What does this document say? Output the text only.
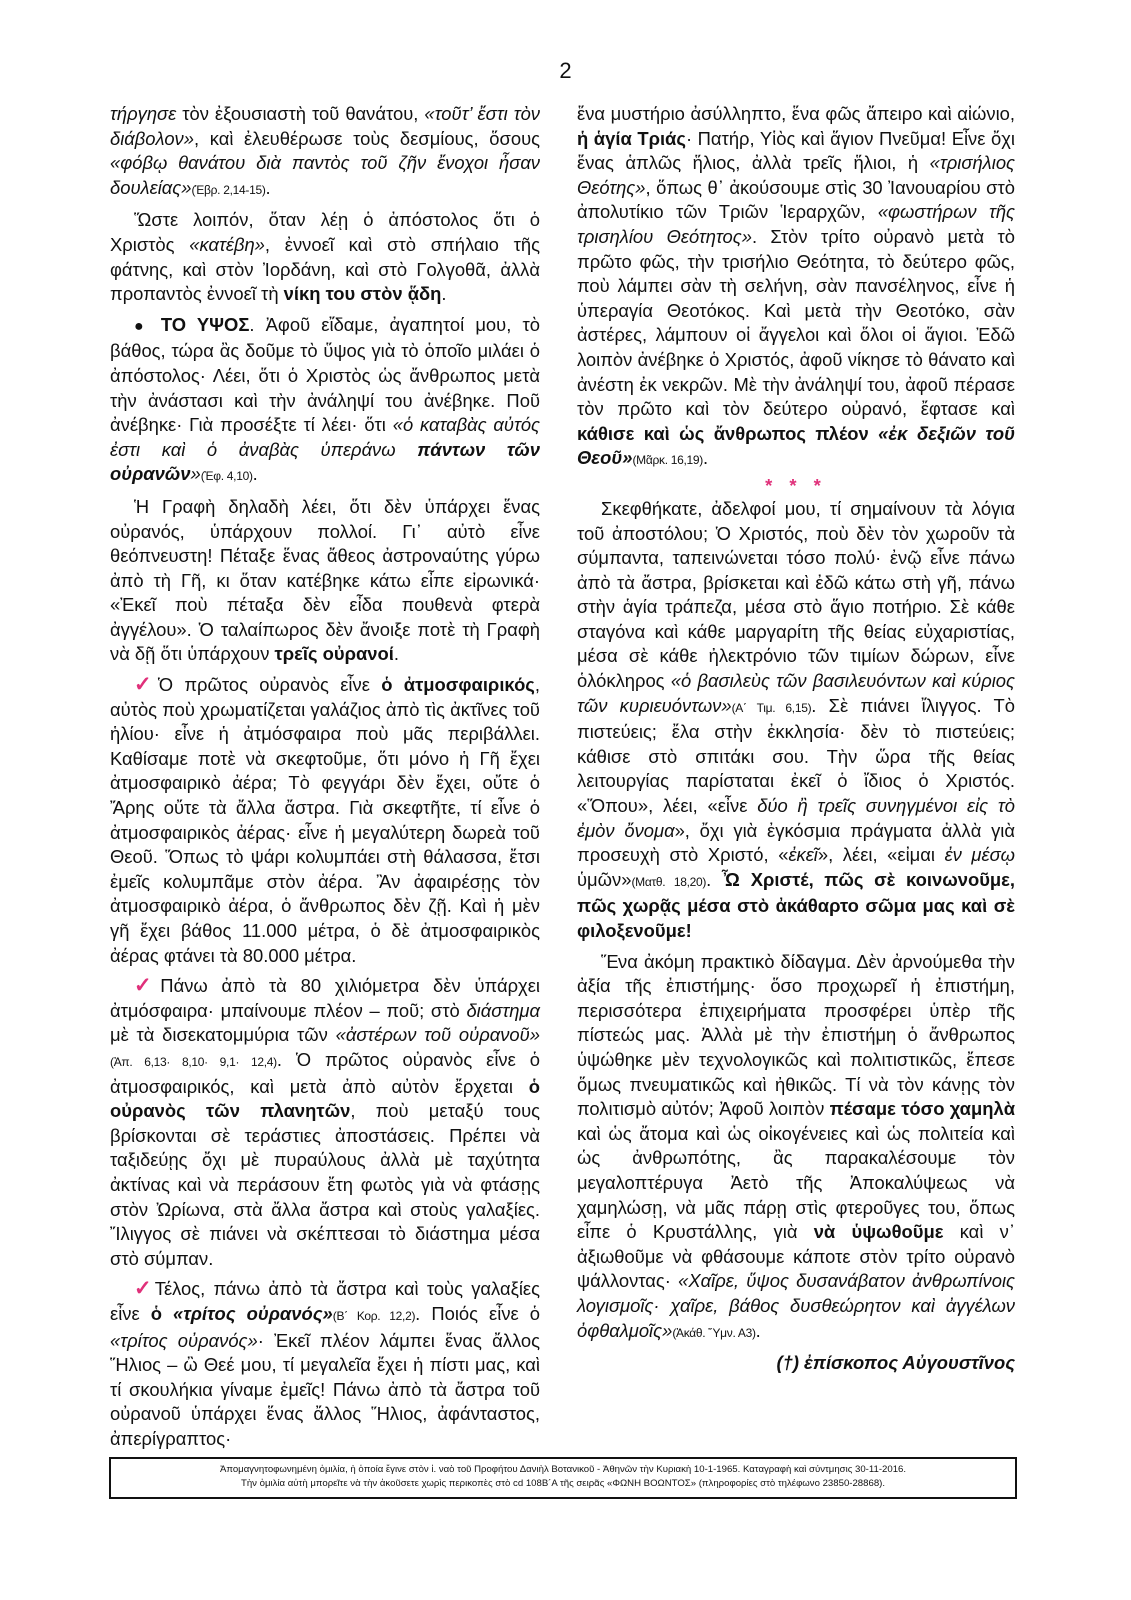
2

τήργησε τὸν ἐξουσιαστὴ τοῦ θανάτου, «τοῦτ’ ἔστι τὸν διάβολον», καὶ ἐλευθέρωσε τοὺς δεσμίους, ὅσους «φόβῳ θανάτου διὰ παντὸς τοῦ ζῆν ἔνοχοι ἦσαν δουλείας»(Ἑβρ. 2,14-15).

Ὥστε λοιπόν, ὅταν λέῃ ὁ ἀπόστολος ὅτι ὁ Χριστὸς «κατέβη», ἐννοεῖ καὶ στὸ σπήλαιο τῆς φάτνης, καὶ στὸν Ἰορδάνη, καὶ στὸ Γολγοθᾶ, ἀλλὰ προπαντὸς ἐννοεῖ τὴ νίκη του στὸν ᾅδη.

● ΤΟ ΥΨΟΣ. Ἀφοῦ εἴδαμε, ἀγαπητοί μου, τὸ βάθος, τώρα ἂς δοῦμε τὸ ὕψος γιὰ τὸ ὁποῖο μιλάει ὁ ἀπόστολος· Λέει, ὅτι ὁ Χριστὸς ὡς ἄνθρωπος μετὰ τὴν ἀνάστασι καὶ τὴν ἀνάληψί του ἀνέβηκε. Ποῦ ἀνέβηκε· Γιὰ προσέξτε τί λέει· ὅτι «ὁ καταβὰς αὐτός ἐστι καὶ ὁ ἀναβὰς ὑπεράνω πάντων τῶν οὐρανῶν»(Ἐφ. 4,10).

Ἡ Γραφὴ δηλαδὴ λέει, ὅτι δὲν ὑπάρχει ἕνας οὐρανός, ὑπάρχουν πολλοί. Γι᾽ αὐτὸ εἶνε θεόπνευστη! Πέταξε ἕνας ἄθεος ἀστροναύτης γύρω ἀπὸ τὴ Γῆ, κι ὅταν κατέβηκε κάτω εἶπε εἰρωνικά· «Ἐκεῖ ποὺ πέταξα δὲν εἶδα πουθενὰ φτερὰ ἀγγέλου». Ὁ ταλαίπωρος δὲν ἄνοιξε ποτὲ τὴ Γραφὴ νὰ δῇ ὅτι ὑπάρχουν τρεῖς οὐρανοί.

✓Ὁ πρῶτος οὐρανὸς εἶνε ὁ ἀτμοσφαιρικός, αὐτὸς ποὺ χρωματίζεται γαλάζιος ἀπὸ τὶς ἀκτῖνες τοῦ ἡλίου· εἶνε ἡ ἀτμόσφαιρα ποὺ μᾶς περιβάλλει. Καθίσαμε ποτὲ νὰ σκεφτοῦμε, ὅτι μόνο ἡ Γῆ ἔχει ἀτμοσφαιρικὸ ἀέρα; Τὸ φεγγάρι δὲν ἔχει, οὔτε ὁ Ἄρης οὔτε τὰ ἄλλα ἄστρα. Γιὰ σκεφτῆτε, τί εἶνε ὁ ἀτμοσφαιρικὸς ἀέρας· εἶνε ἡ μεγαλύτερη δωρεὰ τοῦ Θεοῦ. Ὅπως τὸ ψάρι κολυμπάει στὴ θάλασσα, ἔτσι ἐμεῖς κολυμπᾶμε στὸν ἀέρα. Ἂν ἀφαιρέσῃς τὸν ἀτμοσφαιρικὸ ἀέρα, ὁ ἄνθρωπος δὲν ζῇ. Καὶ ἡ μὲν γῆ ἔχει βάθος 11.000 μέτρα, ὁ δὲ ἀτμοσφαιρικὸς ἀέρας φτάνει τὰ 80.000 μέτρα.

✓Πάνω ἀπὸ τὰ 80 χιλιόμετρα δὲν ὑπάρχει ἀτμόσφαιρα· μπαίνουμε πλέον – ποῦ; στὸ διάστημα μὲ τὰ δισεκατομμύρια τῶν «ἀστέρων τοῦ οὐρανοῦ» (Ἀπ. 6,13· 8,10· 9,1· 12,4). Ὁ πρῶτος οὐρανὸς εἶνε ὁ ἀτμοσφαιρικός, καὶ μετὰ ἀπὸ αὐτὸν ἔρχεται ὁ οὐρανὸς τῶν πλανητῶν, ποὺ μεταξύ τους βρίσκονται σὲ τεράστιες ἀποστάσεις. Πρέπει νὰ ταξιδεύῃς ὄχι μὲ πυραύλους ἀλλὰ μὲ ταχύτητα ἀκτίνας καὶ νὰ περάσουν ἔτη φωτὸς γιὰ νὰ φτάσῃς στὸν Ὠρίωνα, στὰ ἄλλα ἄστρα καὶ στοὺς γαλαξίες. Ἴλιγγος σὲ πιάνει νὰ σκέπτεσαι τὸ διάστημα μέσα στὸ σύμπαν.

✓Τέλος, πάνω ἀπὸ τὰ ἄστρα καὶ τοὺς γαλαξίες εἶνε ὁ «τρίτος οὐρανός»(Β΄ Κορ. 12,2). Ποιός εἶνε ὁ «τρίτος οὐρανός»· Ἐκεῖ πλέον λάμπει ἕνας ἄλλος Ἥλιος – ὢ Θεέ μου, τί μεγαλεῖα ἔχει ἡ πίστι μας, καὶ τί σκουλήκια γίναμε ἐμεῖς! Πάνω ἀπὸ τὰ ἄστρα τοῦ οὐρανοῦ ὑπάρχει ἕνας ἄλλος Ἥλιος, ἀφάνταστος, ἀπερίγραπτος·

ἕνα μυστήριο ἀσύλληπτο, ἕνα φῶς ἄπειρο καὶ αἰώνιο, ἡ ἁγία Τριάς· Πατήρ, Υἱὸς καὶ ἅγιον Πνεῦμα! Εἶνε ὄχι ἕνας ἁπλῶς ἥλιος, ἀλλὰ τρεῖς ἥλιοι, ἡ «τρισήλιος Θεότης», ὅπως θ᾽ ἀκούσουμε στὶς 30 Ἰανουαρίου στὸ ἀπολυτίκιο τῶν Τριῶν Ἱεραρχῶν, «φωστήρων τῆς τρισηλίου Θεότητος». Στὸν τρίτο οὐρανὸ μετὰ τὸ πρῶτο φῶς, τὴν τρισήλιο Θεότητα, τὸ δεύτερο φῶς, ποὺ λάμπει σὰν τὴ σελήνη, σὰν πανσέληνος, εἶνε ἡ ὑπεραγία Θεοτόκος. Καὶ μετὰ τὴν Θεοτόκο, σὰν ἀστέρες, λάμπουν οἱ ἄγγελοι καὶ ὅλοι οἱ ἅγιοι. Ἐδῶ λοιπὸν ἀνέβηκε ὁ Χριστός, ἀφοῦ νίκησε τὸ θάνατο καὶ ἀνέστη ἐκ νεκρῶν. Μὲ τὴν ἀνάληψί του, ἀφοῦ πέρασε τὸν πρῶτο καὶ τὸν δεύτερο οὐρανό, ἔφτασε καὶ κάθισε καὶ ὡς ἄνθρωπος πλέον «ἐκ δεξιῶν τοῦ Θεοῦ»(Μᾶρκ. 16,19).

* * *

Σκεφθήκατε, ἀδελφοί μου, τί σημαίνουν τὰ λόγια τοῦ ἀποστόλου; Ὁ Χριστός, ποὺ δὲν τὸν χωροῦν τὰ σύμπαντα, ταπεινώνεται τόσο πολύ· ἐνῷ εἶνε πάνω ἀπὸ τὰ ἄστρα, βρίσκεται καὶ ἐδῶ κάτω στὴ γῆ, πάνω στὴν ἁγία τράπεζα, μέσα στὸ ἅγιο ποτήριο. Σὲ κάθε σταγόνα καὶ κάθε μαργαρίτη τῆς θείας εὐχαριστίας, μέσα σὲ κάθε ἠλεκτρόνιο τῶν τιμίων δώρων, εἶνε ὁλόκληρος «ὁ βασιλεὺς τῶν βασιλευόντων καὶ κύριος τῶν κυριευόντων»(Α΄ Τιμ. 6,15). Σὲ πιάνει ἴλιγγος. Τὸ πιστεύεις; ἔλα στὴν ἐκκλησία· δὲν τὸ πιστεύεις; κάθισε στὸ σπιτάκι σου. Τὴν ὥρα τῆς θείας λειτουργίας παρίσταται ἐκεῖ ὁ ἴδιος ὁ Χριστός. «Ὅπου», λέει, «εἶνε δύο ἢ τρεῖς συνηγμένοι εἰς τὸ ἐμὸν ὄνομα», ὄχι γιὰ ἐγκόσμια πράγματα ἀλλὰ γιὰ προσευχὴ στὸ Χριστό, «ἐκεῖ», λέει, «εἰμαι ἐν μέσῳ ὑμῶν»(Ματθ. 18,20). Ὦ Χριστέ, πῶς σὲ κοινωνοῦμε, πῶς χωρᾷς μέσα στὸ ἀκάθαρτο σῶμα μας καὶ σὲ φιλοξενοῦμε!

Ἕνα ἀκόμη πρακτικὸ δίδαγμα. Δὲν ἀρνούμεθα τὴν ἀξία τῆς ἐπιστήμης· ὅσο προχωρεῖ ἡ ἐπιστήμη, περισσότερα ἐπιχειρήματα προσφέρει ὑπὲρ τῆς πίστεώς μας. Ἀλλὰ μὲ τὴν ἐπιστήμη ὁ ἄνθρωπος ὑψώθηκε μὲν τεχνολογικῶς καὶ πολιτιστικῶς, ἔπεσε ὅμως πνευματικῶς καὶ ἠθικῶς. Τί νὰ τὸν κάνῃς τὸν πολιτισμὸ αὐτόν; Ἀφοῦ λοιπὸν πέσαμε τόσο χαμηλὰ καὶ ὡς ἄτομα καὶ ὡς οἰκογένειες καὶ ὡς πολιτεία καὶ ὡς ἀνθρωπότης, ἂς παρακαλέσουμε τὸν μεγαλοπτέρυγα Ἀετὸ τῆς Ἀποκαλύψεως νὰ χαμηλώσῃ, νὰ μᾶς πάρῃ στὶς φτεροῦγες του, ὅπως εἶπε ὁ Κρυστάλλης, γιὰ νὰ ὑψωθοῦμε καὶ ν᾽ ἀξιωθοῦμε νὰ φθάσουμε κάποτε στὸν τρίτο οὐρανὸ ψάλλοντας· «Χαῖρε, ὕψος δυσανάβατον ἀνθρωπίνοις λογισμοῖς· χαῖρε, βάθος δυσθεώρητον καὶ ἀγγέλων ὀφθαλμοῖς»(Ἀκάθ. Ὕμν. Α3).

(†) ἐπίσκοπος Αὐγουστῖνος
Ἀπομαγνητοφωνημένη ὁμιλία, ἡ ὁποία ἔγινε στὸν ἱ. ναὸ τοῦ Προφήτου Δανιὴλ Βοτανικοῦ - Ἀθηνῶν τὴν Κυριακὴ 10-1-1965. Καταγραφὴ καὶ σύντμησις 30-11-2016.
Τὴν ὁμιλία αὐτὴ μπορεῖτε νὰ τὴν ἀκοῦσετε χωρὶς περικοπὲς στὸ cd 108Β´Α τῆς σειρᾶς «ΦΩΝΗ ΒΟΩΝΤΟΣ» (πληροφορίες στὸ τηλέφωνο 23850-28868).
